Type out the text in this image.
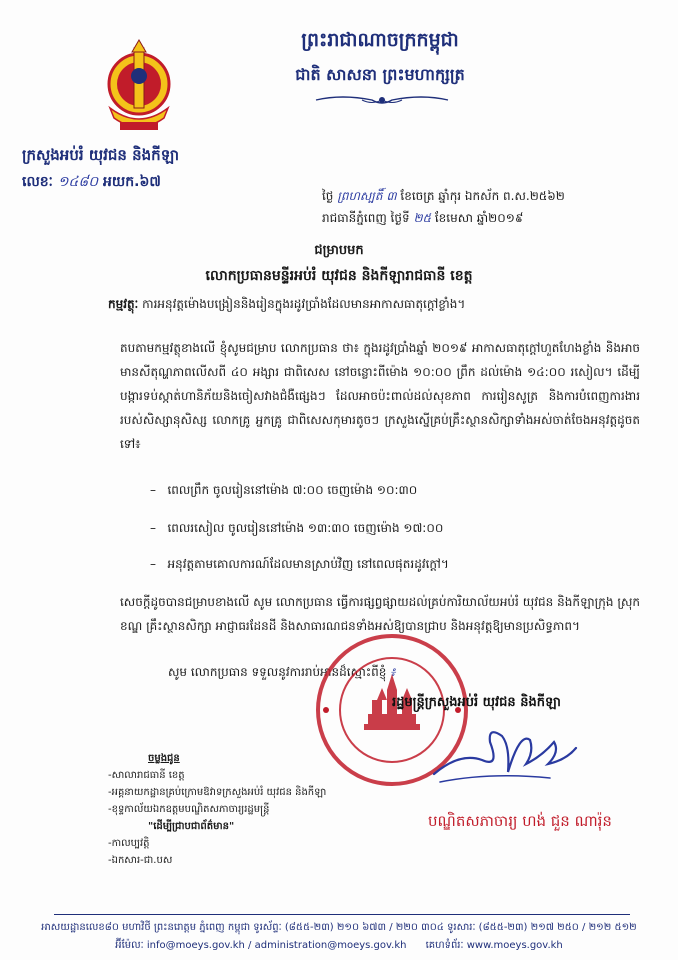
ព្រះរាជាណាចក្រកម្ពុជា
ជាតិ សាសនា ព្រះមហាក្សត្រ
ក្រសួងអប់រំ យុវជន និងកីឡា
លេខៈ ១៤៨០ អយក.៦៧
ថ្ងៃ ព្រហស្បតិ៍ ៣ ខែចេត្រ ឆ្នាំកុរ ឯកស័ក ព.ស.២៥៦២
រាជធានីភ្នំពេញ ថ្ងៃទី ២៥ ខែមេសា ឆ្នាំ២០១៩
ជម្រាបមក
លោកប្រធានមន្ទីរអប់រំ យុវជន និងកីឡារាជធានី ខេត្ត
កម្មវត្ថុៈ ការអនុវត្តម៉ោងបង្រៀននិងរៀនក្នុងរដូវប្រាំងដែលមានអាកាសធាតុក្ដៅខ្លាំង។
តបតាមកម្មវត្ថុខាងលើ ខ្ញុំសូមជម្រាប លោកប្រធាន ថា៖ ក្នុងរដូវប្រាំងឆ្នាំ ២០១៩ អាកាសធាតុក្ដៅហួតហែងខ្លាំង និងអាចមានសីតុណ្ហភាពលើសពី ៤០ អង្សារ ជាពិសេស នៅចន្លោះពីម៉ោង ១០:០០ ព្រឹក ដល់ម៉ោង ១៤:០០ រសៀល។ ដើម្បីបង្ការទប់ស្កាត់ហានិភ័យនិងចៀសវាងជំងឺផ្សេងៗ ដែលអាចប៉ះពាល់ដល់សុខភាព ការរៀនសូត្រ និងការបំពេញការងាររបស់សិស្សានុសិស្ស លោកគ្រូ អ្នកគ្រូ ជាពិសេសកុមារតូចៗ ក្រសួងស្នើគ្រប់គ្រឹះស្ថានសិក្សាទាំងអស់ចាត់ចែងអនុវត្តដូចតទៅ៖
–   ពេលព្រឹក ចូលរៀននៅម៉ោង ៧:០០ ចេញម៉ោង ១០:៣០
–   ពេលរសៀល ចូលរៀននៅម៉ោង ១៣:៣០ ចេញម៉ោង ១៧:០០
–   អនុវត្តតាមគោលការណ៍ដែលមានស្រាប់វិញ នៅពេលផុតរដូវក្ដៅ។
សេចក្ដីដូចបានជម្រាបខាងលើ សូម លោកប្រធាន ធ្វើការផ្សព្វផ្សាយដល់គ្រប់ការិយាល័យអប់រំ យុវជន និងកីឡាក្រុង ស្រុក ខណ្ឌ គ្រឹះស្ថានសិក្សា អាជ្ញាធរដែនដី និងសាធារណជនទាំងអស់ឱ្យបានជ្រាប និងអនុវត្តឱ្យមានប្រសិទ្ធភាព។
សូម លោកប្រធាន ទទួលនូវការរាប់អានដ៏ស្មោះពីខ្ញុំ ៖
រដ្ឋមន្ត្រីក្រសួងអប់រំ យុវជន និងកីឡា
បណ្ឌិតសភាចារ្យ ហង់ ជួន ណារ៉ុន
ចម្លងជូន
-សាលារាជធានី ខេត្ត
-អគ្គនាយកដ្ឋានគ្រប់ក្រោមឱវាទក្រសួងអប់រំ យុវជន និងកីឡា
-ខុទ្ទកាល័យឯកឧត្តមបណ្ឌិតសភាចារ្យរដ្ឋមន្ត្រី
"ដើម្បីជ្រាបជាព័ត៌មាន"
-កាលប្បវត្តិ
-ឯកសារ-ជា.បស
អាសយដ្ឋានលេខ៨០ មហាវិថី ព្រះនរោត្តម ភ្នំពេញ កម្ពុជា ទូរស័ព្ទៈ (៨៥៥-២៣) ២១០ ៦៧៣ / ២២០ ៣០៤ ទូរសារៈ (៨៥៥-២៣) ២១៧ ២៥០ / ២១២ ៥១២
អ៊ីម៉ែលៈ info@moeys.gov.kh / administration@moeys.gov.kh គេហទំព័រៈ www.moeys.gov.kh
